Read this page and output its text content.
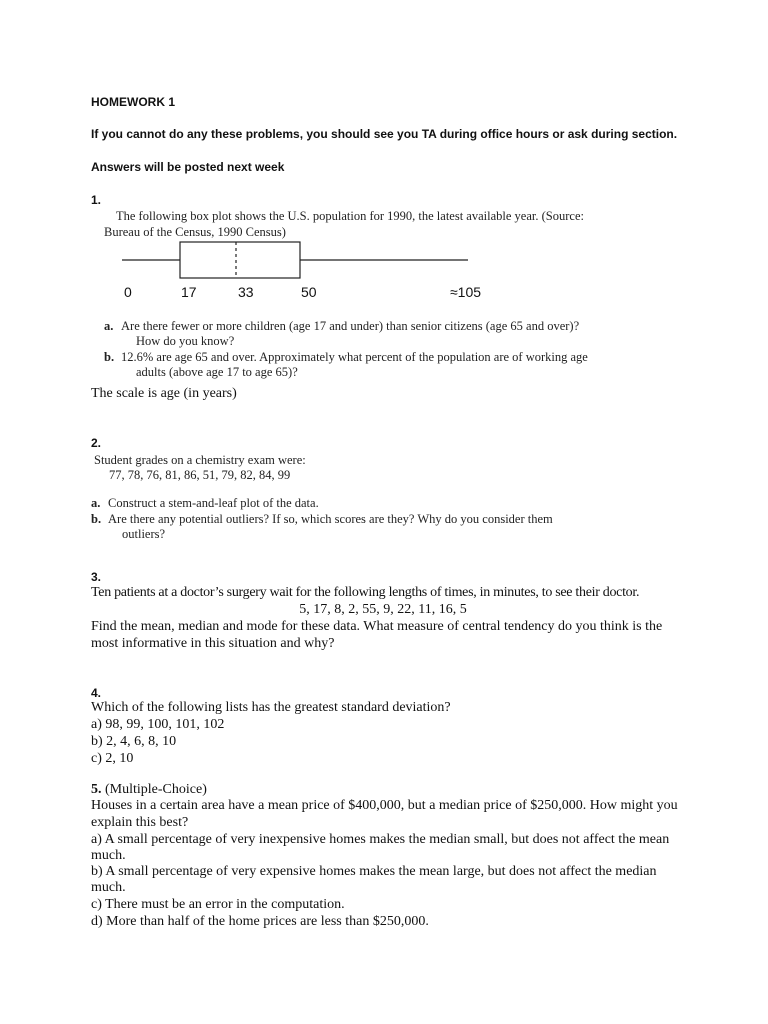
HOMEWORK 1
If you cannot do any these problems, you should see you TA during office hours or ask during section.
Answers will be posted next week
1.
The following box plot shows the U.S. population for 1990, the latest available year. (Source:
Bureau of the Census, 1990 Census)
0	17	33	50	≈105
a. Are there fewer or more children (age 17 and under) than senior citizens (age 65 and over)?
How do you know?
b. 12.6% are age 65 and over. Approximately what percent of the population are of working age
adults (above age 17 to age 65)?
The scale is age (in years)
2.
Student grades on a chemistry exam were:
77, 78, 76, 81, 86, 51, 79, 82, 84, 99
a. Construct a stem-and-leaf plot of the data.
b. Are there any potential outliers? If so, which scores are they? Why do you consider them
outliers?
3.
Ten patients at a doctor’s surgery wait for the following lengths of times, in minutes, to see their doctor.
5, 17, 8, 2, 55, 9, 22, 11, 16, 5
Find the mean, median and mode for these data. What measure of central tendency do you think is the
most informative in this situation and why?
4.
Which of the following lists has the greatest standard deviation?
a) 98, 99, 100, 101, 102
b) 2, 4, 6, 8, 10
c) 2, 10
5. (Multiple-Choice)
Houses in a certain area have a mean price of $400,000, but a median price of $250,000. How might you
explain this best?
a) A small percentage of very inexpensive homes makes the median small, but does not affect the mean
much.
b) A small percentage of very expensive homes makes the mean large, but does not affect the median
much.
c) There must be an error in the computation.
d) More than half of the home prices are less than $250,000.
